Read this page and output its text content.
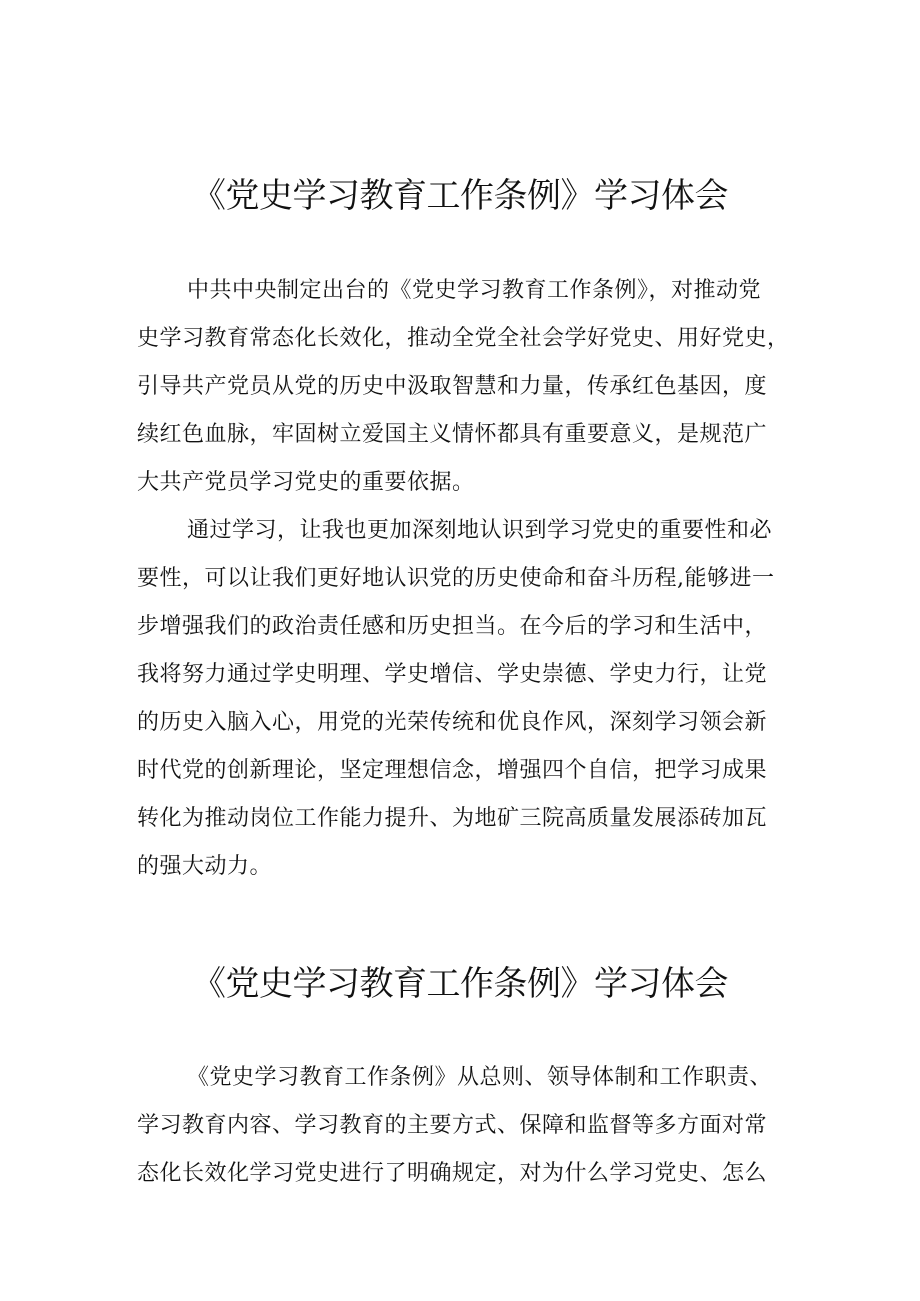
《党史学习教育工作条例》学习体会
中共中央制定出台的《党史学习教育工作条例》，对推动党
史学习教育常态化长效化，推动全党全社会学好党史、用好党史，
引导共产党员从党的历史中汲取智慧和力量，传承红色基因，度
续红色血脉，牢固树立爱国主义情怀都具有重要意义，是规范广
大共产党员学习党史的重要依据。
通过学习，让我也更加深刻地认识到学习党史的重要性和必
要性，可以让我们更好地认识党的历史使命和奋斗历程,能够进一
步增强我们的政治责任感和历史担当。在今后的学习和生活中，
我将努力通过学史明理、学史增信、学史崇德、学史力行，让党
的历史入脑入心，用党的光荣传统和优良作风，深刻学习领会新
时代党的创新理论，坚定理想信念，增强四个自信，把学习成果
转化为推动岗位工作能力提升、为地矿三院高质量发展添砖加瓦
的强大动力。
《党史学习教育工作条例》学习体会
《党史学习教育工作条例》从总则、领导体制和工作职责、
学习教育内容、学习教育的主要方式、保障和监督等多方面对常
态化长效化学习党史进行了明确规定，对为什么学习党史、怎么
